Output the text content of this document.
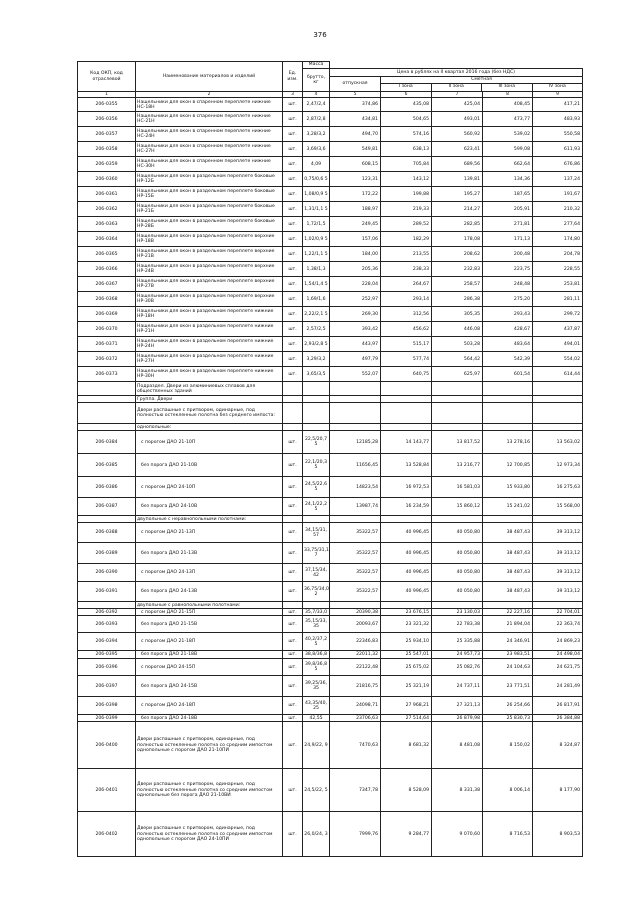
376
Код ОКП, код отраслевой	Наименование материалов и изделий	Ед. изм.	Масса					
			брутто, кг	Цена в рублях на II квартал 2016 года (без НДС)				
				отпускная	Сметная
I зона II зона III зона IV зона			

1	2	3	4	5	6	7	8	9
206-0355	Нащельники для окон в спаренном переплете нижние НС-18Н	шт.	2,47/2,4	374,86	435,08	425,04	408,45	417,21
206-0356	Нащельники для окон в спаренном переплете нижние НС-21Н	шт.	2,87/2,8	434,81	504,65	493,01	473,77	483,93
206-0357	Нащельники для окон в спаренном переплете нижние НС-24Н	шт.	3,28/3,2	494,70	574,16	560,92	539,02	550,58
206-0358	Нащельники для окон в спаренном переплете нижние НС-27Н	шт.	3,69/3,6	549,81	638,13	623,41	599,08	611,93
206-0359	Нащельники для окон в спаренном переплете нижние НС-30Н	шт.	4,09	608,15	705,84	689,56	662,64	676,86
206-0360	Нащельники для окон в раздельном переплете боковые НР-12Б	шт.	0,75/0,6 5	123,31	143,12	139,81	134,36	137,24
206-0361	Нащельники для окон в раздельном переплете боковые НР-15Б	шт.	1,08/0,9 5	172,22	199,88	195,27	187,65	191,67
206-0362	Нащельники для окон в раздельном переплете боковые НР-21Б	шт.	1,31/1,1 5	188,97	219,33	214,27	205,91	210,32
206-0363	Нащельники для окон в раздельном переплете боковые НР-28Б	шт.	1,72/1,5	249,45	289,52	282,85	271,81	277,64
206-0364	Нащельники для окон в раздельном переплете верхние НР-18В	шт.	1,02/0,9 5	157,06	182,29	178,08	171,13	174,80
206-0365	Нащельники для окон в раздельном переплете верхние НР-21В	шт.	1,22/1,1 5	184,00	213,55	208,62	200,48	204,78
206-0366	Нащельники для окон в раздельном переплете верхние НР-24В	шт.	1,38/1,3	205,36	238,33	232,83	223,75	228,55
206-0367	Нащельники для окон в раздельном переплете верхние НР-27В	шт.	1,54/1,4 5	228,04	264,67	258,57	248,48	253,81
206-0368	Нащельники для окон в раздельном переплете верхние НР-30В	шт.	1,69/1,6	252,97	293,14	286,38	275,20	281,11
206-0369	Нащельники для окон в раздельном переплете нижние НР-18Н	шт.	2,22/2,1 5	269,30	312,56	305,35	293,43	299,72
206-0370	Нащельники для окон в раздельном переплете нижние НР-21Н	шт.	2,57/2,5	393,42	456,62	446,08	428,67	437,87
206-0371	Нащельники для окон в раздельном переплете нижние НР-24Н	шт.	2,93/2,8 5	443,97	515,17	503,28	483,64	494,01
206-0372	Нащельники для окон в раздельном переплете нижние НР-27Н	шт.	3,29/3,2	497,79	577,74	564,42	542,39	554,02
206-0373	Нащельники для окон в раздельном переплете нижние НР-30Н	шт.	3,65/3,5	552,07	640,75	625,97	601,54	614,44
	Подраздел. Двери из алюминиевых сплавов для общественных зданий							
	Группа. Двери							
	Двери распашные с притвором, одинарные, под полностью остекленные полотна без среднего импоста:							
	однопольные:							
206-0384	с порогом ДАО 21-10П	шт.	22,5/20,7 5	12185,28	14 143,77	13 817,52	13 278,16	13 563,02
206-0385	без порога ДАО 21-10В	шт.	22,1/20,3 5	11656,45	13 528,84	13 216,77	12 700,85	12 973,34
206-0386	с порогом ДАО 24-10П	шт.	24,5/22,6 5	14823,54	16 972,53	16 581,03	15 933,80	16 275,63
206-0387	без порога ДАО 24-10В	шт.	24,1/22,2 5	13987,74	16 234,59	15 860,12	15 241,02	15 568,00
	двупольные с неравнопольными полотнами:							
206-0388	с порогом ДАО 21-13П	шт.	34,15/31, 57	35322,57	40 996,45	40 050,80	38 487,43	39 313,12
206-0389	без порога ДАО 21-13В	шт.	33,75/31,1 7	35322,57	40 996,45	40 050,80	38 487,43	39 313,12
206-0390	с порогом ДАО 24-13П	шт.	37,15/34, 42	35322,57	40 996,45	40 050,80	38 487,43	39 313,12
206-0391	без порога ДАО 24-13В	шт.	36,75/34,0 2	35322,57	40 996,45	40 050,80	38 487,43	39 313,12
	двупольные с равнопольными полотнами:							
206-0392	с порогом ДАО 21-15П	шт.	35,7/33,0	20390,38	23 676,15	23 130,03	22 227,16	22 704,01
206-0393	без порога ДАО 21-15В	шт.	35,15/33, 35	20093,67	23 321,32	22 783,38	21 894,04	22 363,74
206-0394	с порогом ДАО 21-18П	шт.	40,2/37,2 5	22346,83	25 934,10	25 335,88	24 346,91	24 869,23
206-0395	без порога ДАО 21-18В	шт.	38,8/36,8	22011,32	25 547,01	24 957,73	23 983,51	24 498,04
206-0396	с порогом ДАО 24-15П	шт.	39,8/36,8 5	22122,48	25 675,02	25 082,76	24 104,63	24 621,75
206-0397	без порога ДАО 24-15В	шт.	39,25/36, 35	21816,75	25 321,19	24 737,11	23 771,51	24 281,49
206-0398	с порогом ДАО 24-18П	шт.	43,35/40, 25	24098,71	27 968,21	27 321,13	26 254,66	26 817,91
206-0399	без порога ДАО 24-18В	шт.	42,55	23706,63	27 514,64	26 879,98	25 830,73	26 384,88
206-0400	Двери распашные с притвором, одинарные, под полностью остекленные полотна со средним импостом однопольные с порогом ДАО 21-10ПИ	шт.	24,9/22, 9	7470,63	8 681,32	8 481,08	8 150,02	8 324,87
206-0401	Двери распашные с притвором, одинарные, под полностью остекленные полотна со средним импостом однопольные без порога ДАО 21-10ВИ	шт.	24,5/22, 5	7347,78	8 528,09	8 331,38	8 006,14	8 177,90
206-0402	Двери распашные с притвором, одинарные, под полностью остекленные полотна со средним импостом однопольные с порогом ДАО 24-10ПИ	шт.	26,0/24, 3	7999,76	9 284,77	9 070,60	8 716,53	8 903,53
